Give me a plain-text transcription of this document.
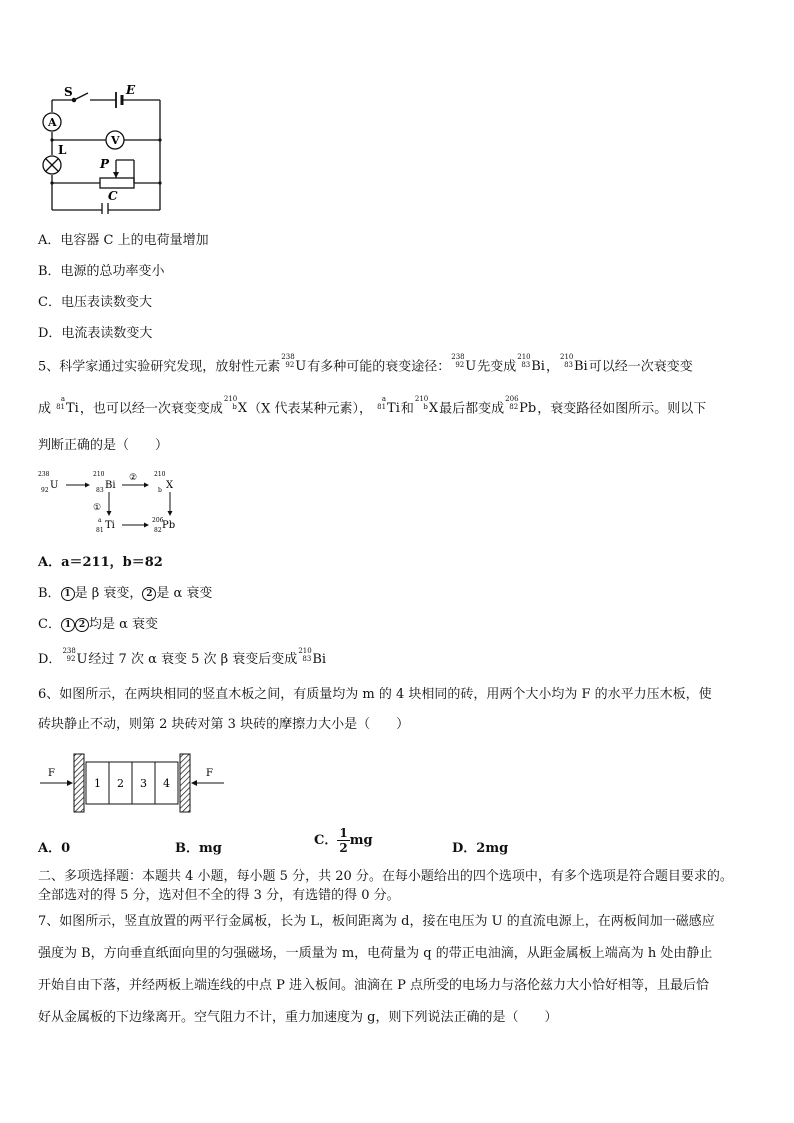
S	E
A
V
L
P
C
A．电容器 C 上的电荷量增加
B．电源的总功率变小
C．电压表读数变大
D．电流表读数变大
5、科学家通过实验研究发现，放射性元素
238
92 U有多种可能的衰变途径：
238
92 U先变成
210
83 Bi，
210
83 Bi可以经一次衰变变
成
a
81 Ti，也可以经一次衰变变成
210
b X（X 代表某种元素），
a
81 Ti和
210
b X最后都变成
206
82 Pb，衰变路径如图所示。则以下
判断正确的是（　　）
238
92 U
210
83 Bi
210
b X
a
81 Ti	206
82 Pb
②
①
A．a＝211，b＝82
B． 1 是 β 衰变， 2 是 α 衰变
C． 1 2 均是 α 衰变
D．
238
92 U经过 7 次 α 衰变 5 次 β 衰变后变成
210
83 Bi
6、如图所示，在两块相同的竖直木板之间，有质量均为 m 的 4 块相同的砖，用两个大小均为 F 的水平力压木板，使
砖块静止不动，则第 2 块砖对第 3 块砖的摩擦力大小是（　　）
F	F
1 2 3 4
A．0	B．mg
C． $\frac{1}{2}$ mg
D．2mg
二、多项选择题：本题共 4 小题，每小题 5 分，共 20 分。在每小题给出的四个选项中，有多个选项是符合题目要求的。
全部选对的得 5 分，选对但不全的得 3 分，有选错的得 0 分。
7、如图所示，竖直放置的两平行金属板，长为 L，板间距离为 d，接在电压为 U 的直流电源上，在两板间加一磁感应
强度为 B，方向垂直纸面向里的匀强磁场，一质量为 m，电荷量为 q 的带正电油滴，从距金属板上端高为 h 处由静止
开始自由下落，并经两板上端连线的中点 P 进入板间。油滴在 P 点所受的电场力与洛伦兹力大小恰好相等，且最后恰
好从金属板的下边缘离开。空气阻力不计，重力加速度为 g，则下列说法正确的是（　　）
